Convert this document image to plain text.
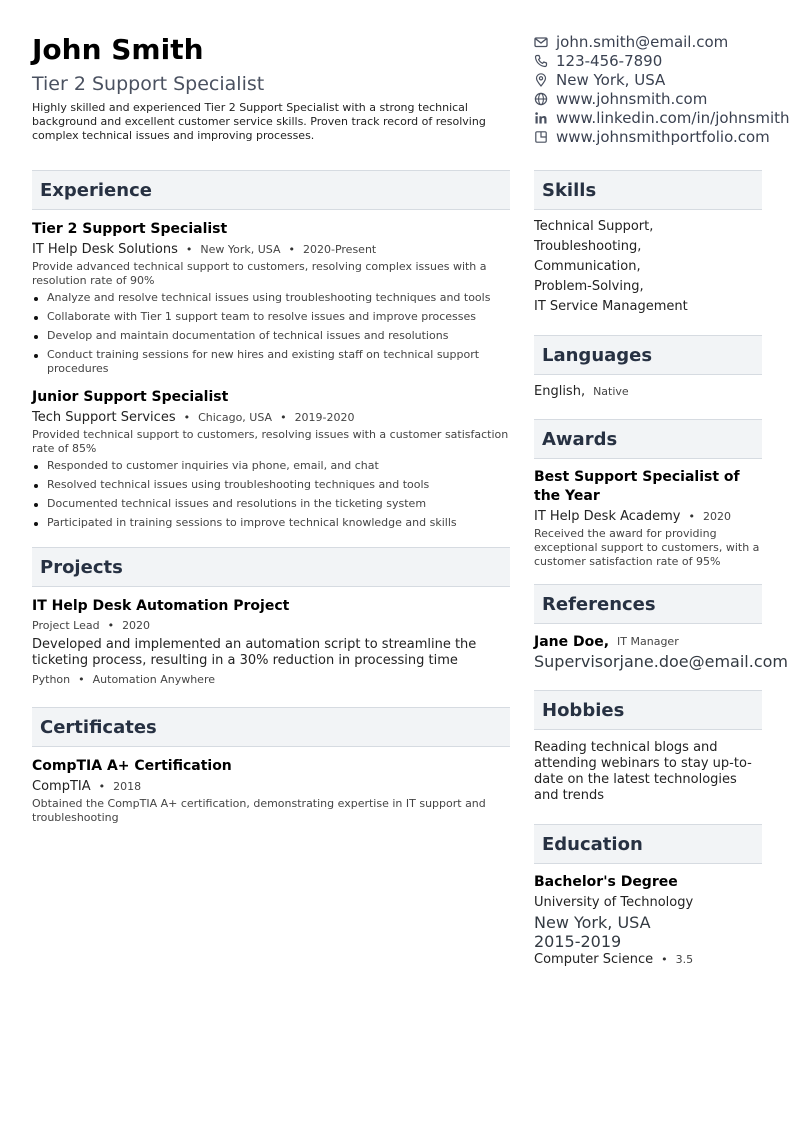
John Smith
Tier 2 Support Specialist

Highly skilled and experienced Tier 2 Support Specialist with a strong technical background and excellent customer service skills. Proven track record of resolving complex technical issues and improving processes.

john.smith@email.com
123-456-7890
New York, USA
www.johnsmith.com
www.linkedin.com/in/johnsmith
www.johnsmithportfolio.com
Experience
Tier 2 Support Specialist
IT Help Desk Solutions • New York, USA • 2020-Present
Provide advanced technical support to customers, resolving complex issues with a resolution rate of 90%
Analyze and resolve technical issues using troubleshooting techniques and tools
Collaborate with Tier 1 support team to resolve issues and improve processes
Develop and maintain documentation of technical issues and resolutions
Conduct training sessions for new hires and existing staff on technical support procedures
Junior Support Specialist
Tech Support Services • Chicago, USA • 2019-2020
Provided technical support to customers, resolving issues with a customer satisfaction rate of 85%
Responded to customer inquiries via phone, email, and chat
Resolved technical issues using troubleshooting techniques and tools
Documented technical issues and resolutions in the ticketing system
Participated in training sessions to improve technical knowledge and skills
Projects
IT Help Desk Automation Project
Project Lead • 2020
Developed and implemented an automation script to streamline the ticketing process, resulting in a 30% reduction in processing time
Python • Automation Anywhere
Certificates
CompTIA A+ Certification
CompTIA • 2018
Obtained the CompTIA A+ certification, demonstrating expertise in IT support and troubleshooting
Skills
Technical Support,
Troubleshooting,
Communication,
Problem-Solving,
IT Service Management
Languages
English, Native
Awards
Best Support Specialist of the Year
IT Help Desk Academy • 2020
Received the award for providing exceptional support to customers, with a customer satisfaction rate of 95%
References
Jane Doe, IT Manager
Supervisor jane.doe@email.com
Hobbies
Reading technical blogs and attending webinars to stay up-to-date on the latest technologies and trends
Education
Bachelor's Degree
University of Technology
New York, USA
2015-2019
Computer Science • 3.5
